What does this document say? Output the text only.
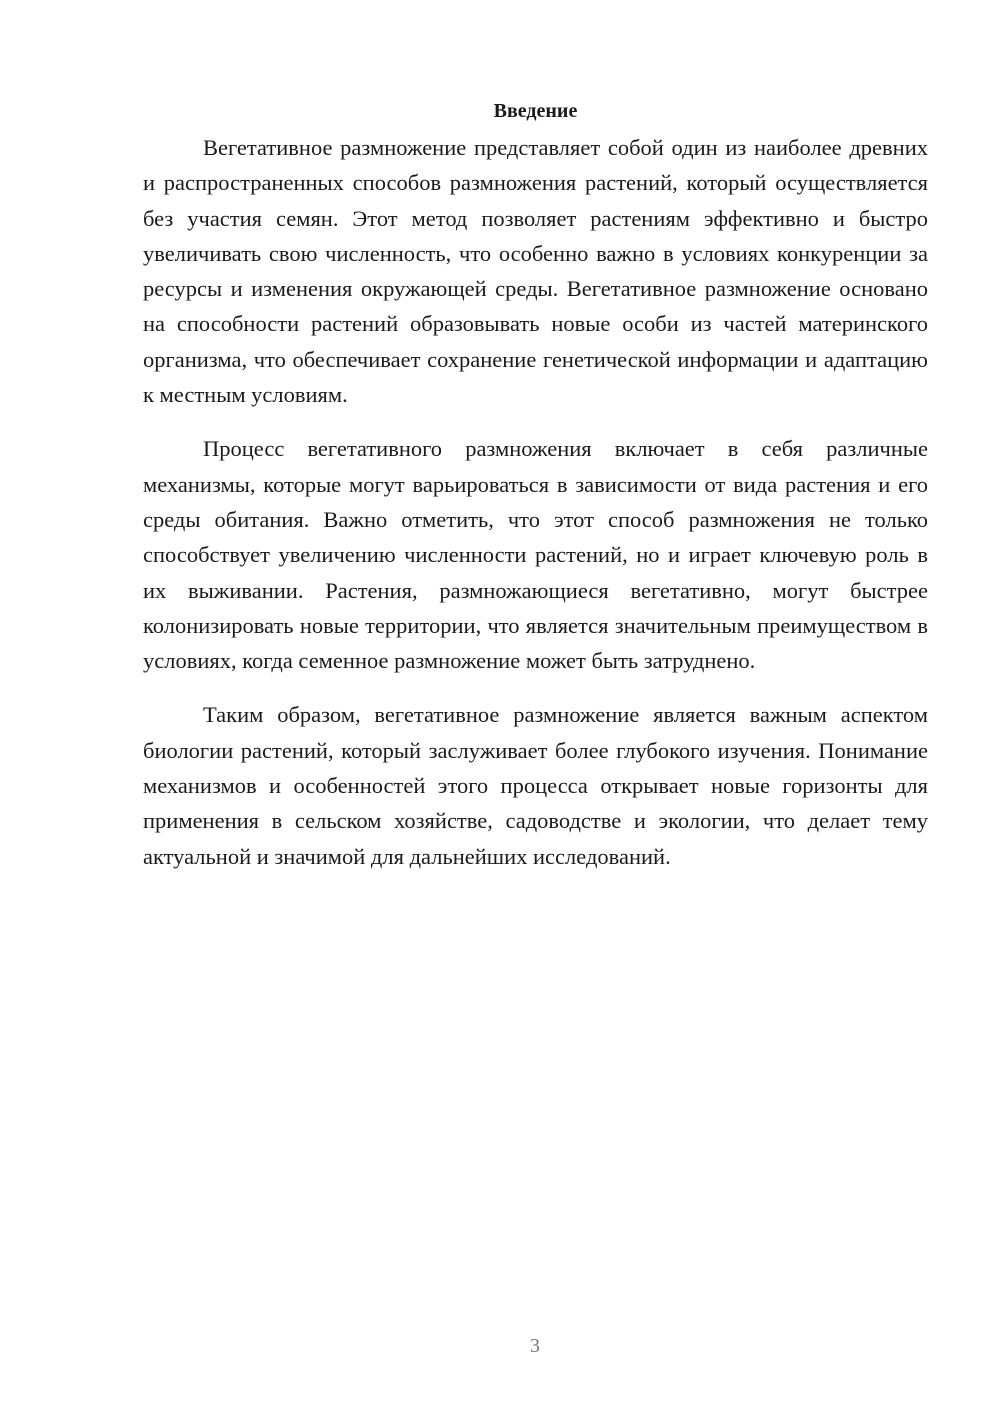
Введение

Вегетативное размножение представляет собой один из наиболее древних и распространенных способов размножения растений, который осуществляется без участия семян. Этот метод позволяет растениям эффективно и быстро увеличивать свою численность, что особенно важно в условиях конкуренции за ресурсы и изменения окружающей среды. Вегетативное размножение основано на способности растений образовывать новые особи из частей материнского организма, что обеспечивает сохранение генетической информации и адаптацию к местным условиям.

Процесс вегетативного размножения включает в себя различные механизмы, которые могут варьироваться в зависимости от вида растения и его среды обитания. Важно отметить, что этот способ размножения не только способствует увеличению численности растений, но и играет ключевую роль в их выживании. Растения, размножающиеся вегетативно, могут быстрее колонизировать новые территории, что является значительным преимуществом в условиях, когда семенное размножение может быть затруднено.

Таким образом, вегетативное размножение является важным аспектом биологии растений, который заслуживает более глубокого изучения. Понимание механизмов и особенностей этого процесса открывает новые горизонты для применения в сельском хозяйстве, садоводстве и экологии, что делает тему актуальной и значимой для дальнейших исследований.

3
